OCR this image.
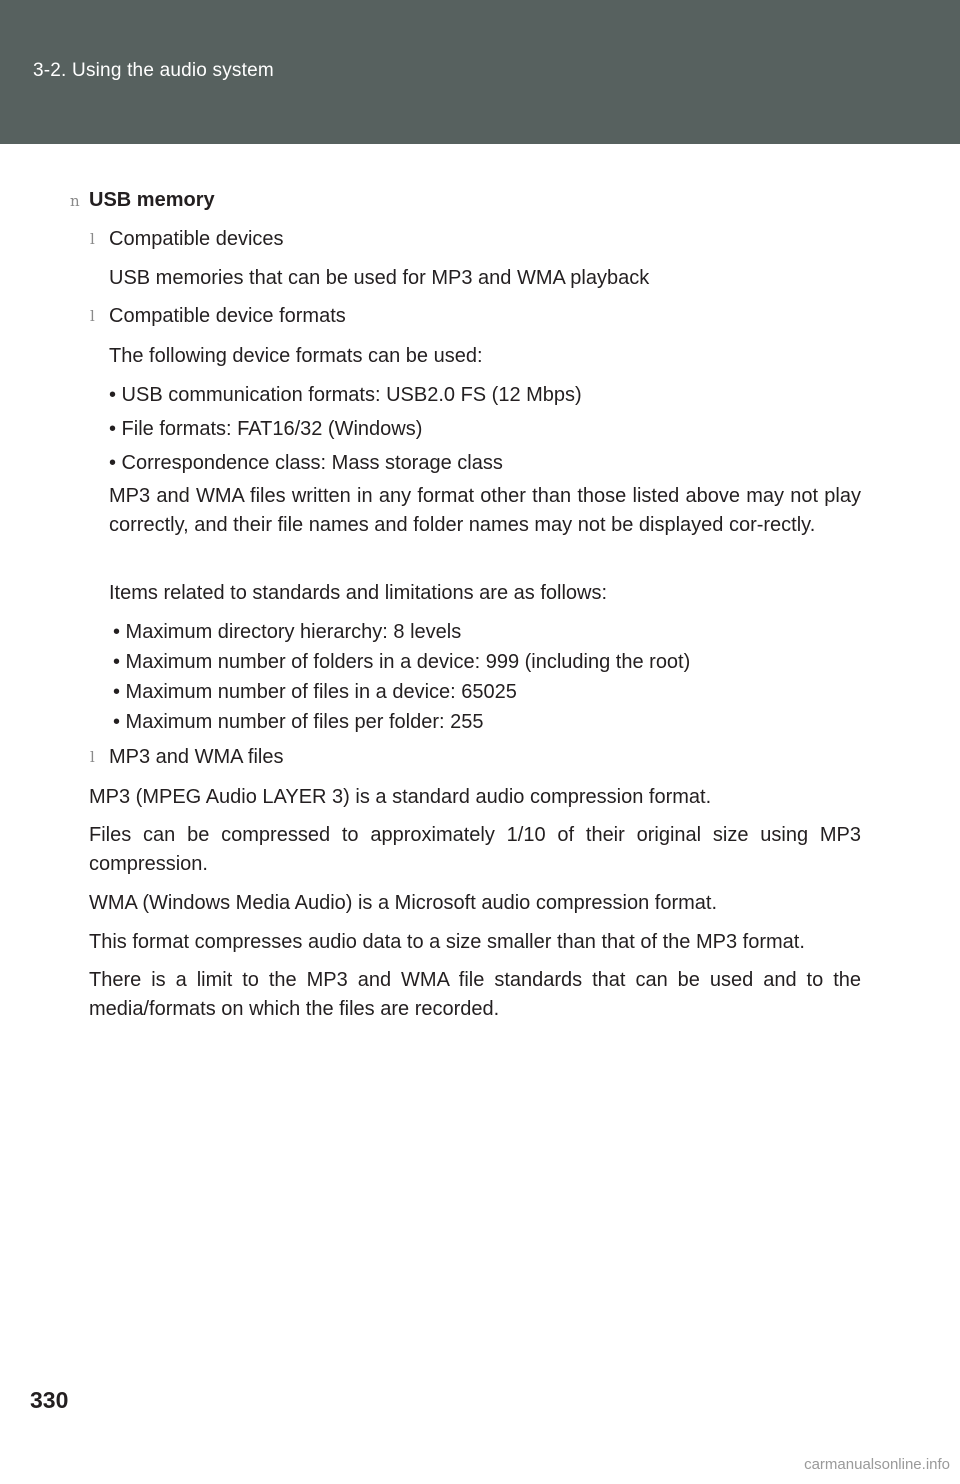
3-2. Using the audio system
n USB memory
l Compatible devices
USB memories that can be used for MP3 and WMA playback
l Compatible device formats
The following device formats can be used:
• USB communication formats: USB2.0 FS (12 Mbps)
• File formats: FAT16/32 (Windows)
• Correspondence class: Mass storage class
MP3 and WMA files written in any format other than those listed above may not play correctly, and their file names and folder names may not be displayed cor-rectly.
Items related to standards and limitations are as follows:
• Maximum directory hierarchy: 8 levels
• Maximum number of folders in a device: 999 (including the root)
• Maximum number of files in a device: 65025
• Maximum number of files per folder: 255
l MP3 and WMA files
MP3 (MPEG Audio LAYER 3) is a standard audio compression format.
Files can be compressed to approximately 1/10 of their original size using MP3 compression.
WMA (Windows Media Audio) is a Microsoft audio compression format.
This format compresses audio data to a size smaller than that of the MP3 format.
There is a limit to the MP3 and WMA file standards that can be used and to the media/formats on which the files are recorded.
330
carmanualsonline.info
